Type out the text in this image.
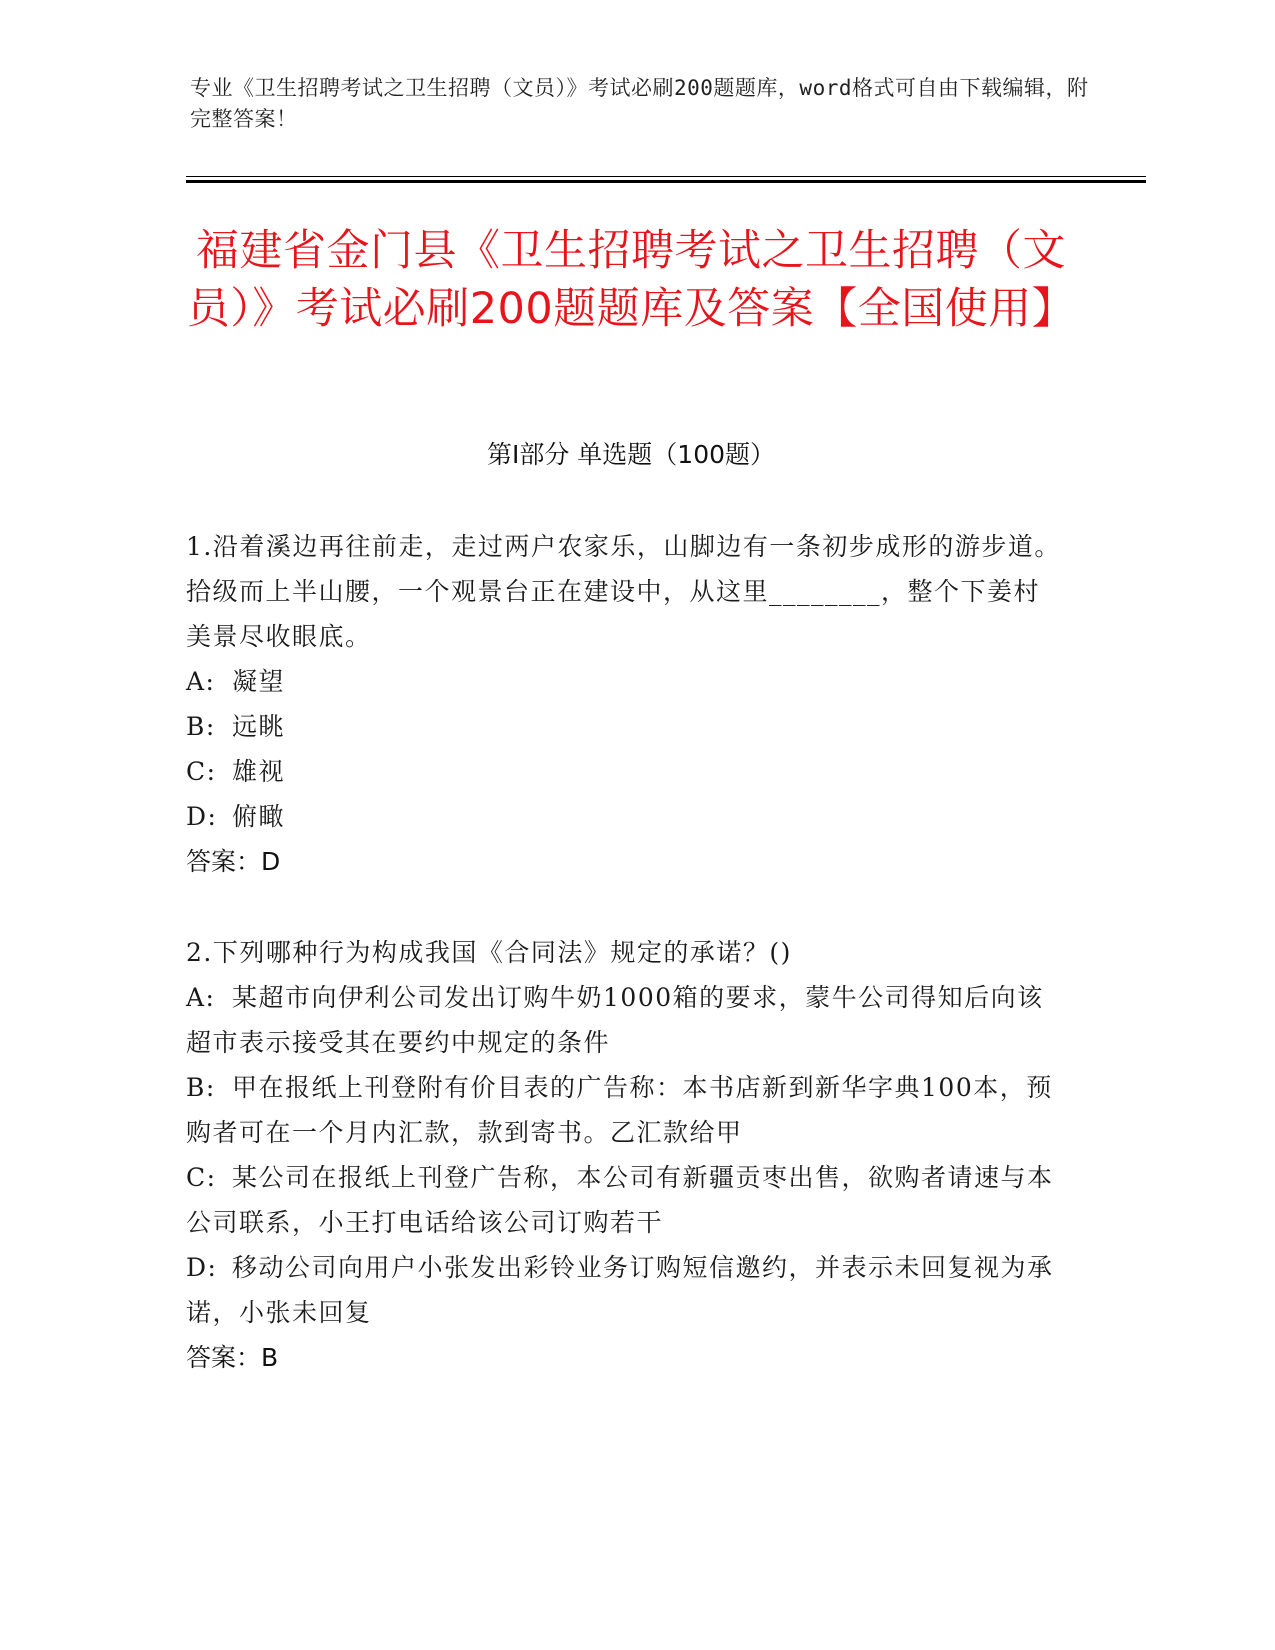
专业《卫生招聘考试之卫生招聘（文员）》考试必刷200题题库，word格式可自由下载编辑，附完整答案！
福建省金门县《卫生招聘考试之卫生招聘（文员）》考试必刷200题题库及答案【全国使用】
第I部分 单选题（100题）

1.沿着溪边再往前走，走过两户农家乐，山脚边有一条初步成形的游步道。拾级而上半山腰，一个观景台正在建设中，从这里________，整个下姜村美景尽收眼底。

A: 凝望

B: 远眺

C: 雄视

D: 俯瞰

答案：D

2.下列哪种行为构成我国《合同法》规定的承诺？()

A: 某超市向伊利公司发出订购牛奶1000箱的要求，蒙牛公司得知后向该超市表示接受其在要约中规定的条件

B: 甲在报纸上刊登附有价目表的广告称：本书店新到新华字典100本，预购者可在一个月内汇款，款到寄书。乙汇款给甲

C: 某公司在报纸上刊登广告称，本公司有新疆贡枣出售，欲购者请速与本公司联系，小王打电话给该公司订购若干

D: 移动公司向用户小张发出彩铃业务订购短信邀约，并表示未回复视为承诺，小张未回复

答案：B
